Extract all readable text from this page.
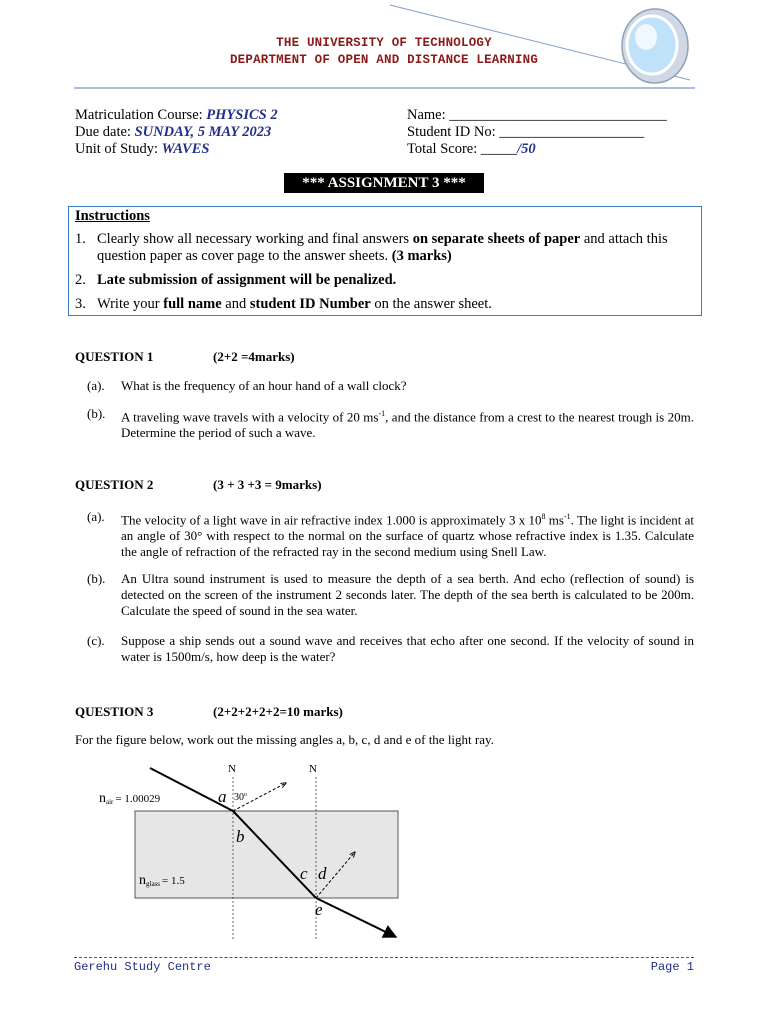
THE UNIVERSITY OF TECHNOLOGY
DEPARTMENT OF OPEN AND DISTANCE LEARNING
Matriculation Course: PHYSICS 2
Due date: SUNDAY, 5 MAY 2023
Unit of Study: WAVES
Name: ______________________________
Student ID No: ____________________
Total Score: _____/50
*** ASSIGNMENT 3 ***
Instructions
1. Clearly show all necessary working and final answers on separate sheets of paper and attach this question paper as cover page to the answer sheets. (3 marks)
2. Late submission of assignment will be penalized.
3. Write your full name and student ID Number on the answer sheet.
QUESTION 1	(2+2 =4marks)
(a). What is the frequency of an hour hand of a wall clock?
(b). A traveling wave travels with a velocity of 20 $ms^{-1}$, and the distance from a crest to the nearest trough is 20m. Determine the period of such a wave.
QUESTION 2	(3 + 3 +3 = 9marks)
(a). The velocity of a light wave in air refractive index 1.000 is approximately 3 x $10^8$ $ms^{-1}$. The light is incident at an angle of 30° with respect to the normal on the surface of quartz whose refractive index is 1.35. Calculate the angle of refraction of the refracted ray in the second medium using Snell Law.
(b). An Ultra sound instrument is used to measure the depth of a sea berth. And echo (reflection of sound) is detected on the screen of the instrument 2 seconds later. The depth of the sea berth is calculated to be 200m. Calculate the speed of sound in the sea water.
(c). Suppose a ship sends out a sound wave and receives that echo after one second. If the velocity of sound in water is 1500m/s, how deep is the water?
QUESTION 3	(2+2+2+2+2=10 marks)
For the figure below, work out the missing angles a, b, c, d and e of the light ray.
N	N
nair = 1.00029
nglass = 1.5
a 30$^o$
b
c d
e
Gerehu Study Centre	Page 1
